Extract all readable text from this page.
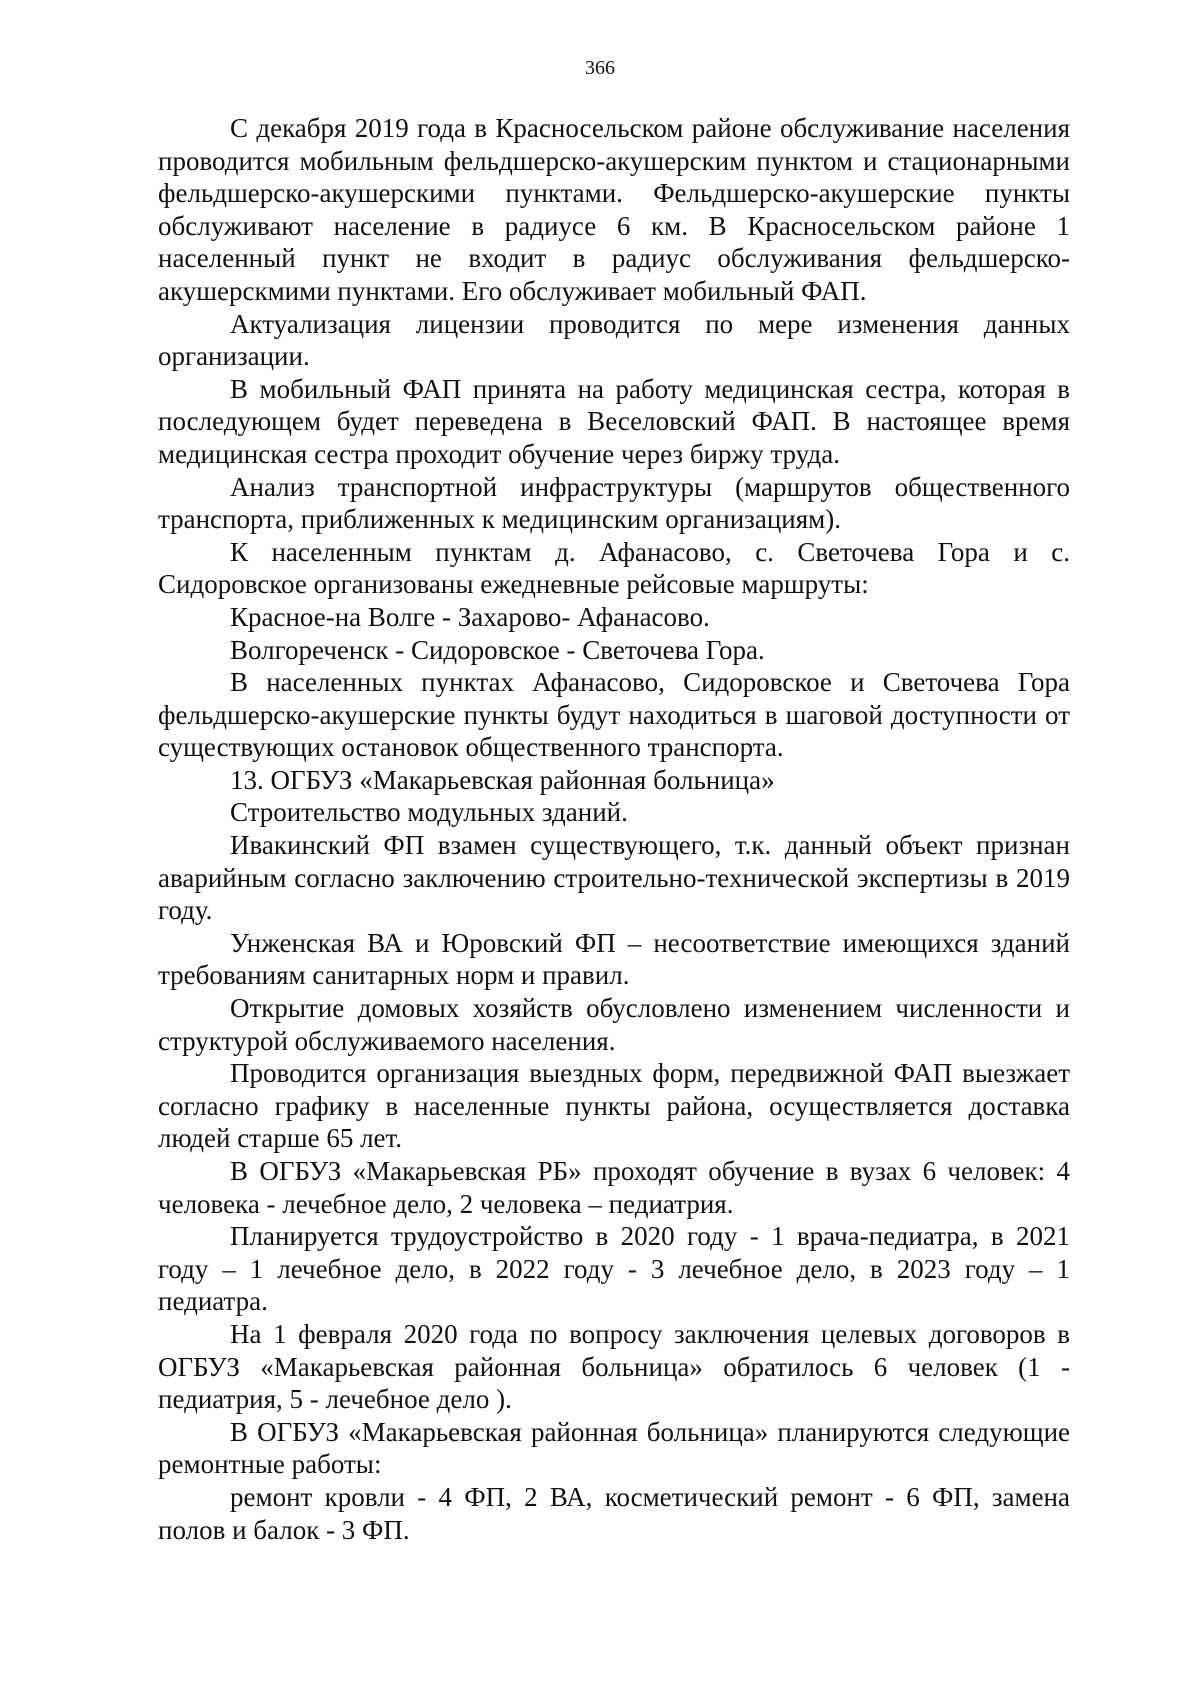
366

С декабря 2019 года в Красносельском районе обслуживание населения проводится мобильным фельдшерско-акушерским пунктом и стационарными фельдшерско-акушерскими пунктами. Фельдшерско-акушерские пункты обслуживают население в радиусе 6 км. В Красносельском районе 1 населенный пункт не входит в радиус обслуживания фельдшерско-акушерскмими пунктами. Его обслуживает мобильный ФАП.

Актуализация лицензии проводится по мере изменения данных организации.

В мобильный ФАП принята на работу медицинская сестра, которая в последующем будет переведена в Веселовский ФАП. В настоящее время медицинская сестра проходит обучение через биржу труда.

Анализ транспортной инфраструктуры (маршрутов общественного транспорта, приближенных к медицинским организациям).

К населенным пунктам д. Афанасово, с. Светочева Гора и с. Сидоровское организованы ежедневные рейсовые маршруты:

Красное-на Волге - Захарово- Афанасово.

Волгореченск - Сидоровское - Светочева Гора.

В населенных пунктах Афанасово, Сидоровское и Светочева Гора фельдшерско-акушерские пункты будут находиться в шаговой доступности от существующих остановок общественного транспорта.

13. ОГБУЗ «Макарьевская районная больница»

Строительство модульных зданий.

Ивакинский ФП взамен существующего, т.к. данный объект признан аварийным согласно заключению строительно-технической экспертизы в 2019 году.

Унженская ВА и Юровский ФП – несоответствие имеющихся зданий требованиям санитарных норм и правил.

Открытие домовых хозяйств обусловлено изменением численности и структурой обслуживаемого населения.

Проводится организация выездных форм, передвижной ФАП выезжает согласно графику в населенные пункты района, осуществляется доставка людей старше 65 лет.

В ОГБУЗ «Макарьевская РБ» проходят обучение в вузах 6 человек: 4 человека - лечебное дело, 2 человека – педиатрия.

Планируется трудоустройство в 2020 году - 1 врача-педиатра, в 2021 году – 1 лечебное дело, в 2022 году - 3 лечебное дело, в 2023 году – 1 педиатра.

На 1 февраля 2020 года по вопросу заключения целевых договоров в ОГБУЗ «Макарьевская районная больница» обратилось 6 человек (1 - педиатрия, 5 - лечебное дело ).

В ОГБУЗ «Макарьевская районная больница» планируются следующие ремонтные работы:

ремонт кровли - 4 ФП, 2 ВА, косметический ремонт - 6 ФП, замена полов и балок - 3 ФП.
